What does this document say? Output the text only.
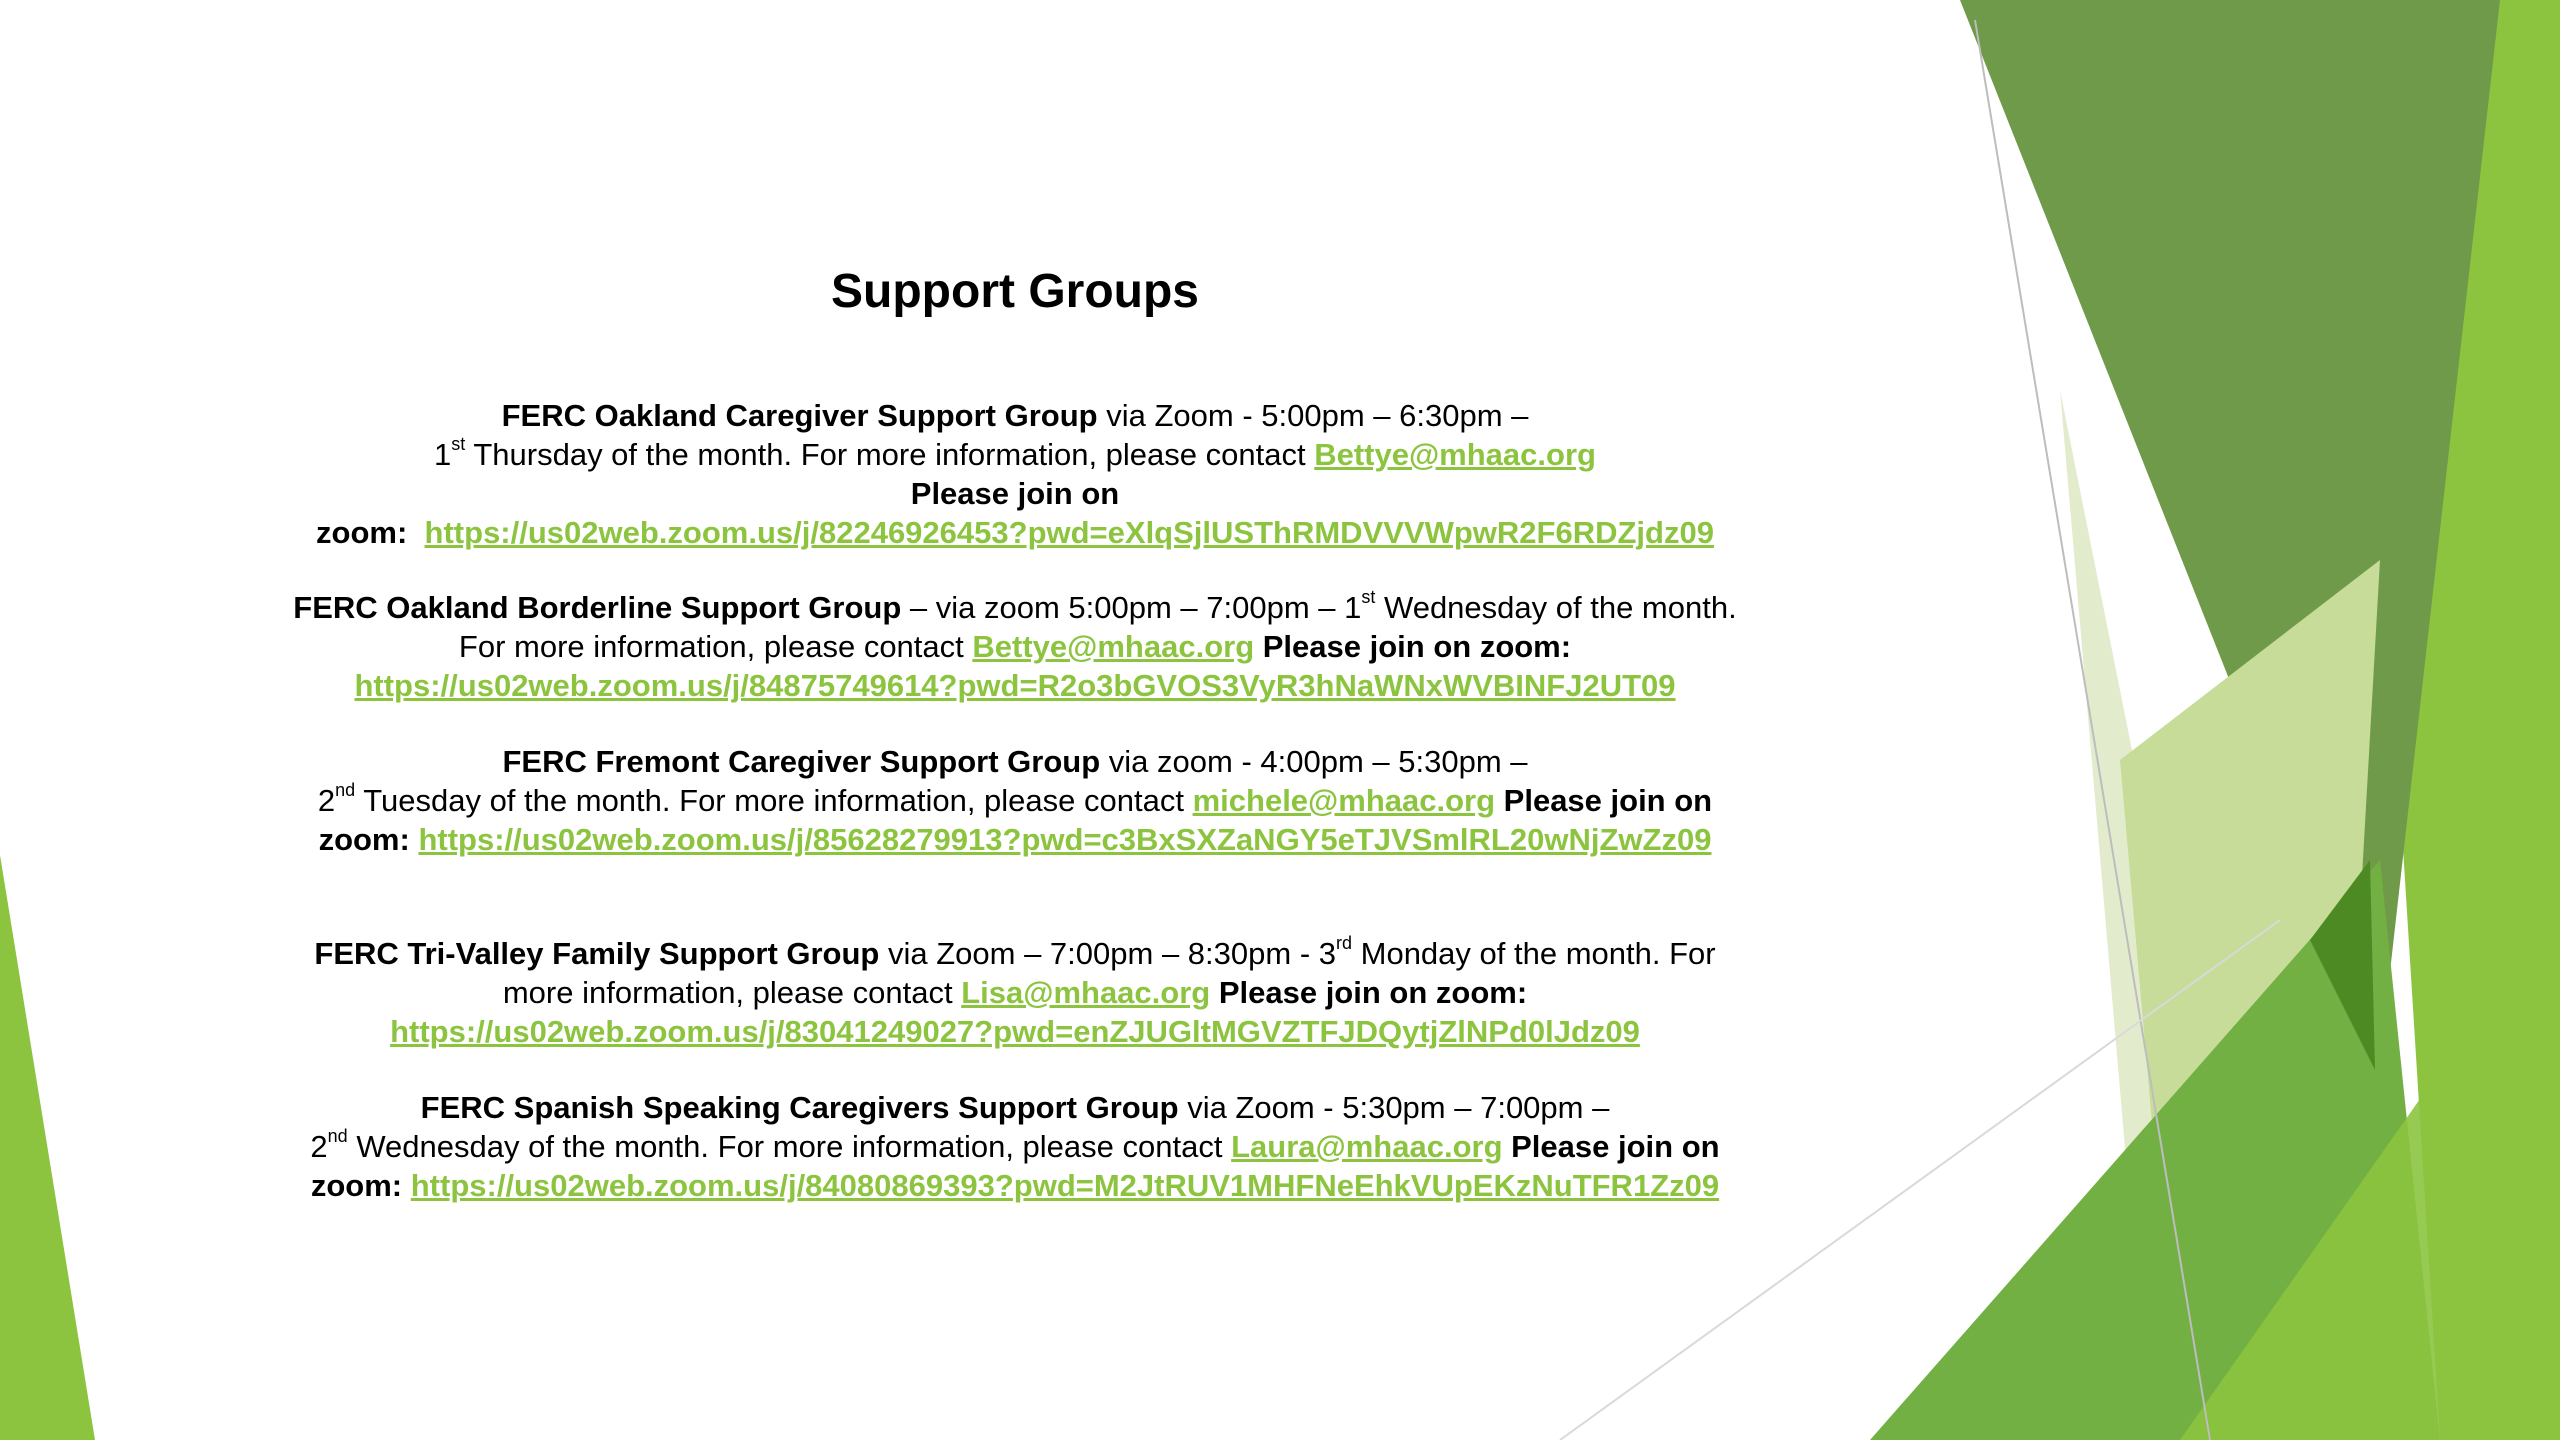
Support Groups
FERC Oakland Caregiver Support Group via Zoom - 5:00pm – 6:30pm –
1st Thursday of the month. For more information, please contact Bettye@mhaac.org
Please join on
zoom: https://us02web.zoom.us/j/82246926453?pwd=eXlqSjlUSThRMDVVVWpwR2F6RDZjdz09
FERC Oakland Borderline Support Group – via zoom 5:00pm – 7:00pm – 1st Wednesday of the month.
For more information, please contact Bettye@mhaac.org Please join on zoom:
https://us02web.zoom.us/j/84875749614?pwd=R2o3bGVOS3VyR3hNaWNxWVBINFJ2UT09
FERC Fremont Caregiver Support Group via zoom - 4:00pm – 5:30pm –
2nd Tuesday of the month. For more information, please contact michele@mhaac.org Please join on
zoom: https://us02web.zoom.us/j/85628279913?pwd=c3BxSXZaNGY5eTJVSmlRL20wNjZwZz09
FERC Tri-Valley Family Support Group via Zoom – 7:00pm – 8:30pm - 3rd Monday of the month. For
more information, please contact Lisa@mhaac.org Please join on zoom:
https://us02web.zoom.us/j/83041249027?pwd=enZJUGltMGVZTFJDQytjZlNPd0lJdz09
FERC Spanish Speaking Caregivers Support Group via Zoom - 5:30pm – 7:00pm –
2nd Wednesday of the month. For more information, please contact Laura@mhaac.org Please join on
zoom: https://us02web.zoom.us/j/84080869393?pwd=M2JtRUV1MHFNeEhkVUpEKzNuTFR1Zz09
